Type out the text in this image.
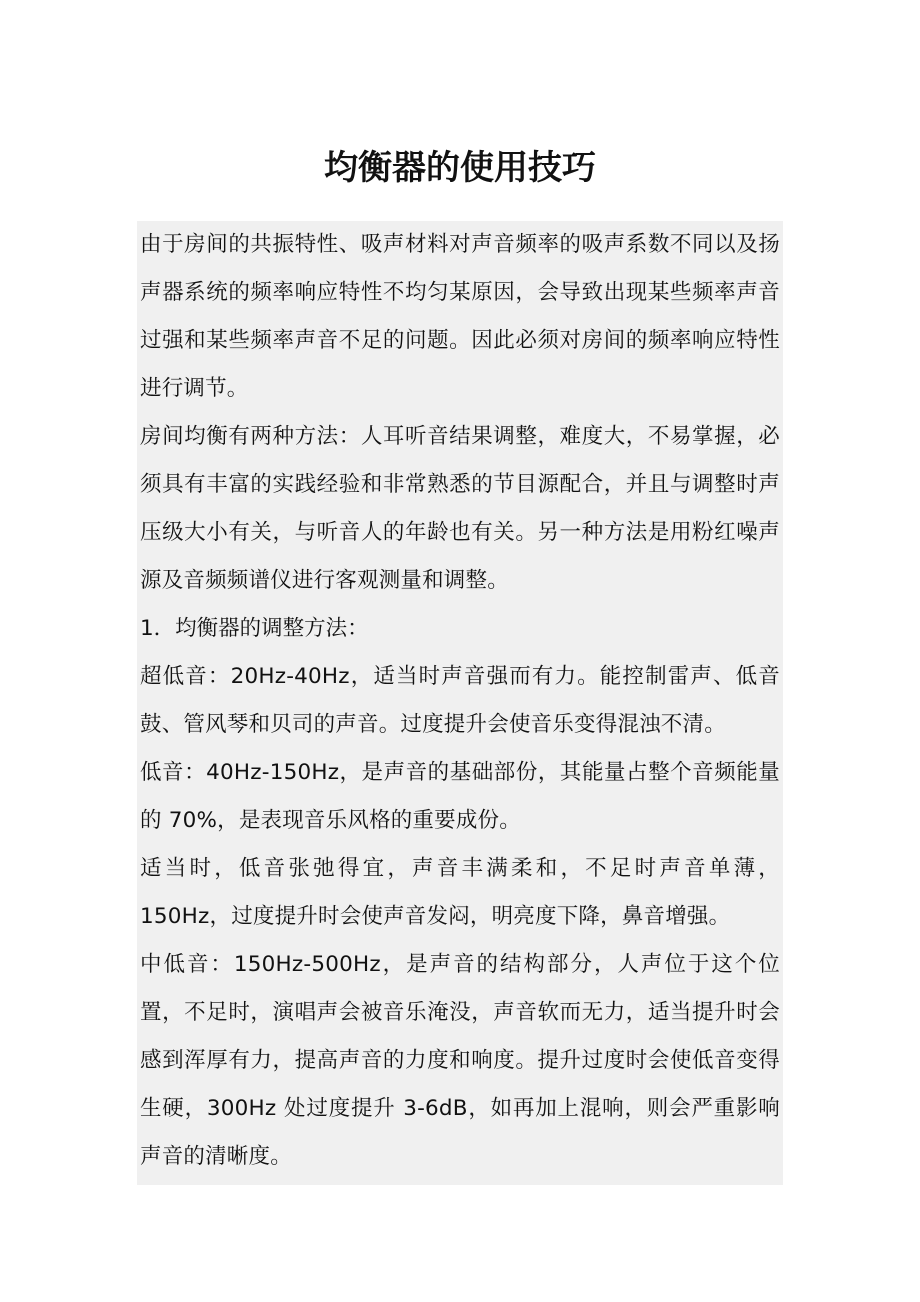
均衡器的使用技巧

由于房间的共振特性、吸声材料对声音频率的吸声系数不同以及扬声器系统的频率响应特性不均匀某原因，会导致出现某些频率声音过强和某些频率声音不足的问题。因此必须对房间的频率响应特性进行调节。

房间均衡有两种方法：人耳听音结果调整，难度大，不易掌握，必须具有丰富的实践经验和非常熟悉的节目源配合，并且与调整时声压级大小有关，与听音人的年龄也有关。另一种方法是用粉红噪声源及音频频谱仪进行客观测量和调整。

1．均衡器的调整方法：

超低音：20Hz-40Hz，适当时声音强而有力。能控制雷声、低音鼓、管风琴和贝司的声音。过度提升会使音乐变得混浊不清。

低音：40Hz-150Hz，是声音的基础部份，其能量占整个音频能量的 70%，是表现音乐风格的重要成份。

适当时，低音张弛得宜，声音丰满柔和，不足时声音单薄，150Hz，过度提升时会使声音发闷，明亮度下降，鼻音增强。

中低音：150Hz-500Hz，是声音的结构部分，人声位于这个位置，不足时，演唱声会被音乐淹没，声音软而无力，适当提升时会感到浑厚有力，提高声音的力度和响度。提升过度时会使低音变得生硬，300Hz 处过度提升 3-6dB，如再加上混响，则会严重影响声音的清晰度。
